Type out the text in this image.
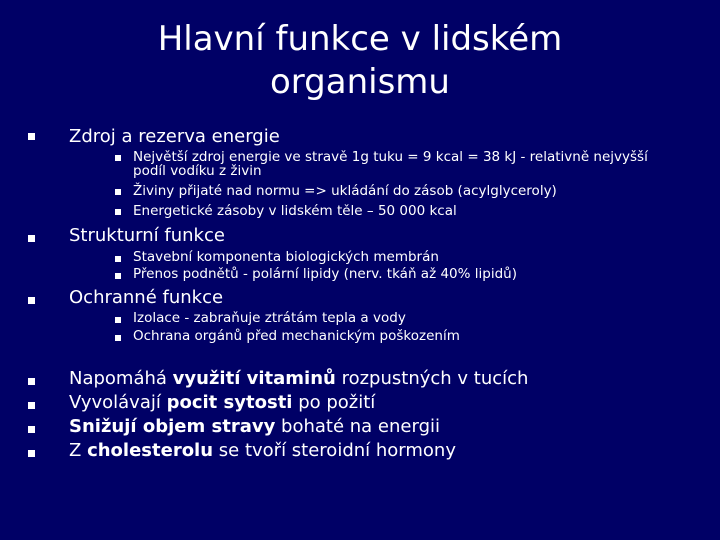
Hlavní funkce v lidském organismu
Zdroj a rezerva energie
Největší zdroj energie ve stravě 1g tuku = 9 kcal = 38 kJ - relativně nejvyšší podíl vodíku z živin
Živiny přijaté nad normu => ukládání do zásob (acylglyceroly)
Energetické zásoby v lidském těle – 50 000 kcal
Strukturní funkce
Stavební komponenta biologických membrán
Přenos podnětů - polární lipidy (nerv. tkáň až 40% lipidů)
Ochranné funkce
Izolace - zabraňuje ztrátám tepla a vody
Ochrana orgánů před mechanickým poškozením
Napomáhá využití vitaminů rozpustných v tucích
Vyvolávají pocit sytosti po požití
Snižují objem stravy bohaté na energii
Z cholesterolu se tvoří steroidní hormony
